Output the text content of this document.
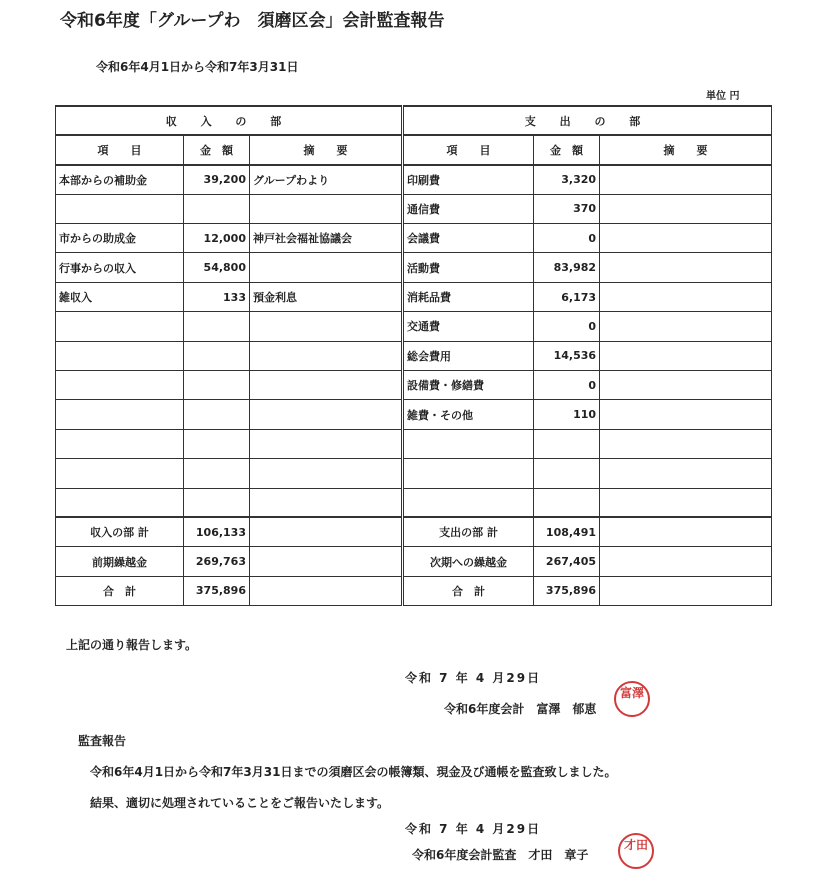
令和6年度「グループわ　須磨区会」会計監査報告
令和6年4月1日から令和7年3月31日
単位 円
収 入 の 部				支 出 の 部		
項　　目	金　額	摘　　要		項　　目	金　額	摘　　要
本部からの補助金	39,200	グループわより		印刷費	3,320	
				通信費	370	
市からの助成金	12,000	神戸社会福祉協議会		会議費	0	
行事からの収入	54,800			活動費	83,982	
雑収入	133	預金利息		消耗品費	6,173	
				交通費	0	
				総会費用	14,536	
				設備費・修繕費	0	
				雑費・その他	110	

収入の部 計	106,133			支出の部 計	108,491	
前期繰越金	269,763			次期への繰越金	267,405	
合　計	375,896			合　計	375,896	
上記の通り報告します。
令和 7 年 4 月29日
令和6年度会計　富澤　郁恵
富澤
監査報告
令和6年4月1日から令和7年3月31日までの須磨区会の帳簿類、現金及び通帳を監査致しました。
結果、適切に処理されていることをご報告いたします。
令和 7 年 4 月29日
令和6年度会計監査　才田　章子
才田
